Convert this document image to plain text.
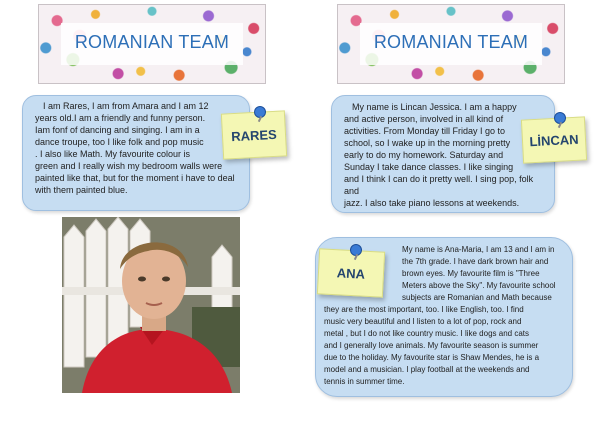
ROMANIAN TEAM	ROMANIAN TEAM
I am Rares, I am from Amara and I am 12
years old.I am a friendly and funny person.
Iam fonf of dancing and singing. I am in a
dance troupe, too I like folk and pop music
. I also like Math. My favourite colour is
green and I really wish my bedroom walls were
painted like that, but for the moment i have to deal
with them painted blue.
RARES
My name is Lincan Jessica. I am a happy
and active person, involved in all kind of
activities. From Monday till Friday I go to
school, so I wake up in the morning pretty
early to do my homework. Saturday and
Sunday I take dance classes. I like singing
and I think I can do it pretty well. I sing pop, folk and
jazz. I also take piano lessons at weekends.
LİNCAN
My name is Ana-Maria, I am 13 and I am in
the 7th grade. I have dark brown hair and
brown eyes. My favourite film is "Three
Meters above the Sky". My favourite school
subjects are Romanian and Math because
they are the most important, too. I like English, too. I find
music very beautiful and I listen to a lot of pop, rock and
metal , but I do not like country music. I like dogs and cats
and I generally love animals. My favourite season is summer
due to the holiday. My favourite star is Shaw Mendes, he is a
model and a musician. I play football at the weekends and
tennis in summer time.
ANA
